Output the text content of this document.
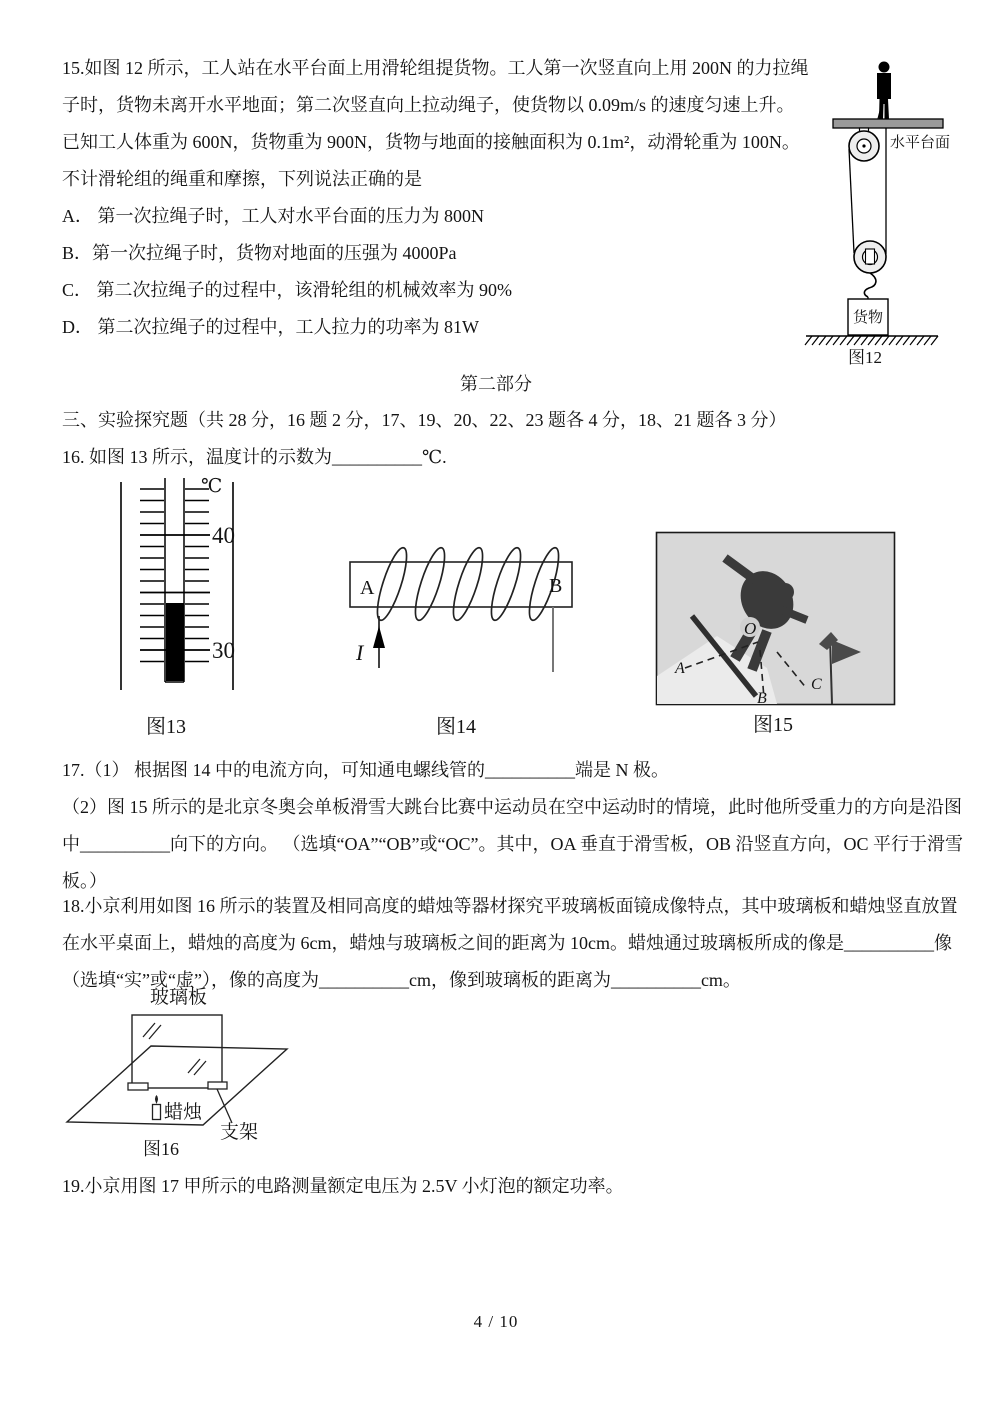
15.如图 12 所示，工人站在水平台面上用滑轮组提货物。工人第一次竖直向上用 200N 的力拉绳
子时，货物未离开水平地面；第二次竖直向上拉动绳子，使货物以 0.09m/s 的速度匀速上升。
已知工人体重为 600N，货物重为 900N，货物与地面的接触面积为 0.1m²，动滑轮重为 100N。
不计滑轮组的绳重和摩擦，下列说法正确的是
A． 第一次拉绳子时，工人对水平台面的压力为 800N
B．第一次拉绳子时，货物对地面的压强为 4000Pa
C． 第二次拉绳子的过程中，该滑轮组的机械效率为 90%
D． 第二次拉绳子的过程中，工人拉力的功率为 81W
水平台面
货物
图12
第二部分
三、实验探究题（共 28 分，16 题 2 分，17、19、20、22、23 题各 4 分，18、21 题各 3 分）
16. 如图 13 所示，温度计的示数为__________℃.
℃
40
30
图13
I
A	B
图14
O
A
B
C
图15
17.（1） 根据图 14 中的电流方向，可知通电螺线管的__________端是 N 极。
（2）图 15 所示的是北京冬奥会单板滑雪大跳台比赛中运动员在空中运动时的情境，此时他所受重力的方向是沿图
中__________向下的方向。 （选填“OA”“OB”或“OC”。其中，OA 垂直于滑雪板，OB 沿竖直方向，OC 平行于滑雪
板。）
18.小京利用如图 16 所示的装置及相同高度的蜡烛等器材探究平玻璃板面镜成像特点，其中玻璃板和蜡烛竖直放置
在水平桌面上，蜡烛的高度为 6cm，蜡烛与玻璃板之间的距离为 10cm。蜡烛通过玻璃板所成的像是__________像
（选填“实”或“虚”），像的高度为__________cm，像到玻璃板的距离为__________cm。
玻璃板
蜡烛
支架
图16
19.小京用图 17 甲所示的电路测量额定电压为 2.5V 小灯泡的额定功率。
4 / 10
